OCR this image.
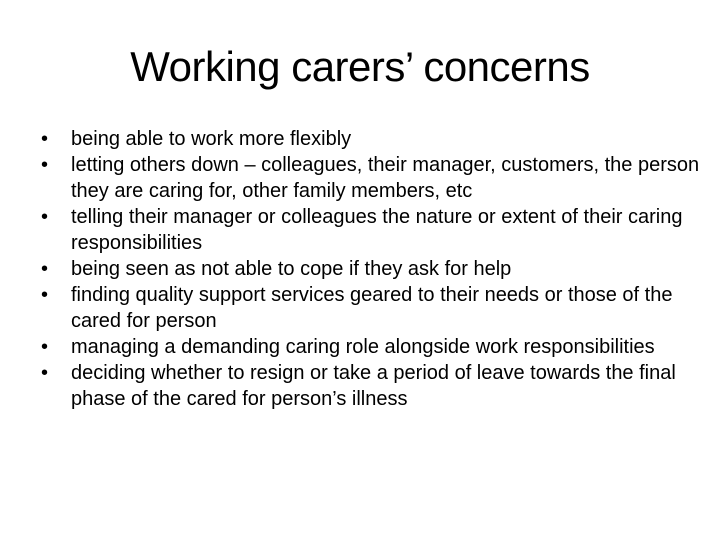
Working carers’ concerns
•	being able to work more flexibly
•	letting others down – colleagues, their manager, customers, the person they are caring for, other family members, etc
•	telling their manager or colleagues the nature or extent of their caring responsibilities
•	being seen as not able to cope if they ask for help
•	finding quality support services geared to their needs or those of the cared for person
•	managing a demanding caring role alongside work responsibilities
•	deciding whether to resign or take a period of leave towards the final phase of the cared for person’s illness
